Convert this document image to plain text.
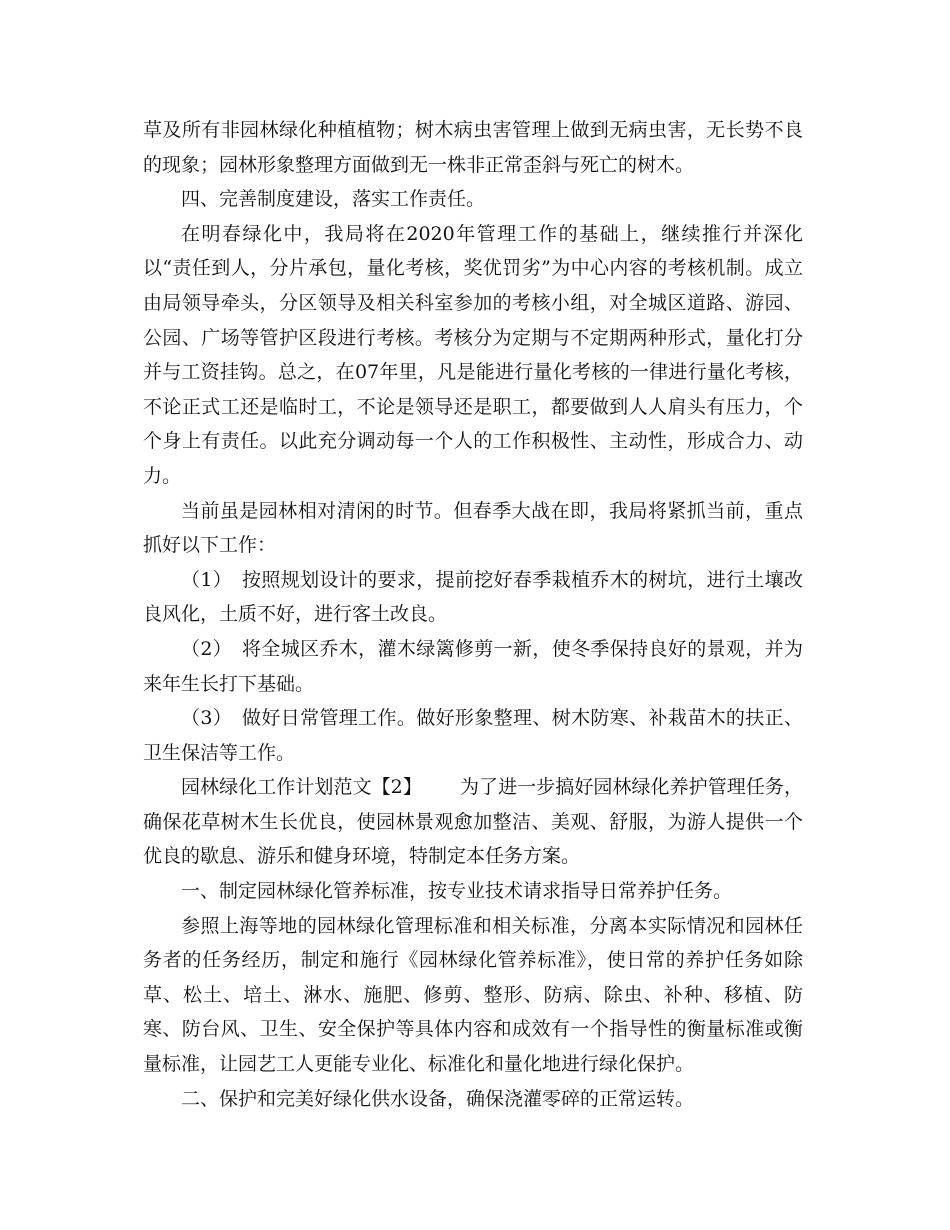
草及所有非园林绿化种植植物；树木病虫害管理上做到无病虫害，无长势不良的现象；园林形象整理方面做到无一株非正常歪斜与死亡的树木。

四、完善制度建设，落实工作责任。

在明春绿化中，我局将在2020年管理工作的基础上，继续推行并深化以“责任到人，分片承包，量化考核，奖优罚劣”为中心内容的考核机制。成立由局领导牵头，分区领导及相关科室参加的考核小组，对全城区道路、游园、公园、广场等管护区段进行考核。考核分为定期与不定期两种形式，量化打分并与工资挂钩。总之，在07年里，凡是能进行量化考核的一律进行量化考核，不论正式工还是临时工，不论是领导还是职工，都要做到人人肩头有压力，个个身上有责任。以此充分调动每一个人的工作积极性、主动性，形成合力、动力。

当前虽是园林相对清闲的时节。但春季大战在即，我局将紧抓当前，重点抓好以下工作：

（1）　按照规划设计的要求，提前挖好春季栽植乔木的树坑，进行土壤改良风化，土质不好，进行客土改良。

（2）　将全城区乔木，灌木绿篱修剪一新，使冬季保持良好的景观，并为来年生长打下基础。

（3）　做好日常管理工作。做好形象整理、树木防寒、补栽苗木的扶正、卫生保洁等工作。

园林绿化工作计划范文【2】 为了进一步搞好园林绿化养护管理任务，确保花草树木生长优良，使园林景观愈加整洁、美观、舒服，为游人提供一个优良的歇息、游乐和健身环境，特制定本任务方案。

一、制定园林绿化管养标准，按专业技术请求指导日常养护任务。

参照上海等地的园林绿化管理标准和相关标准，分离本实际情况和园林任务者的任务经历，制定和施行《园林绿化管养标准》，使日常的养护任务如除草、松土、培土、淋水、施肥、修剪、整形、防病、除虫、补种、移植、防寒、防台风、卫生、安全保护等具体内容和成效有一个指导性的衡量标准或衡量标准，让园艺工人更能专业化、标准化和量化地进行绿化保护。

二、保护和完美好绿化供水设备，确保浇灌零碎的正常运转。
